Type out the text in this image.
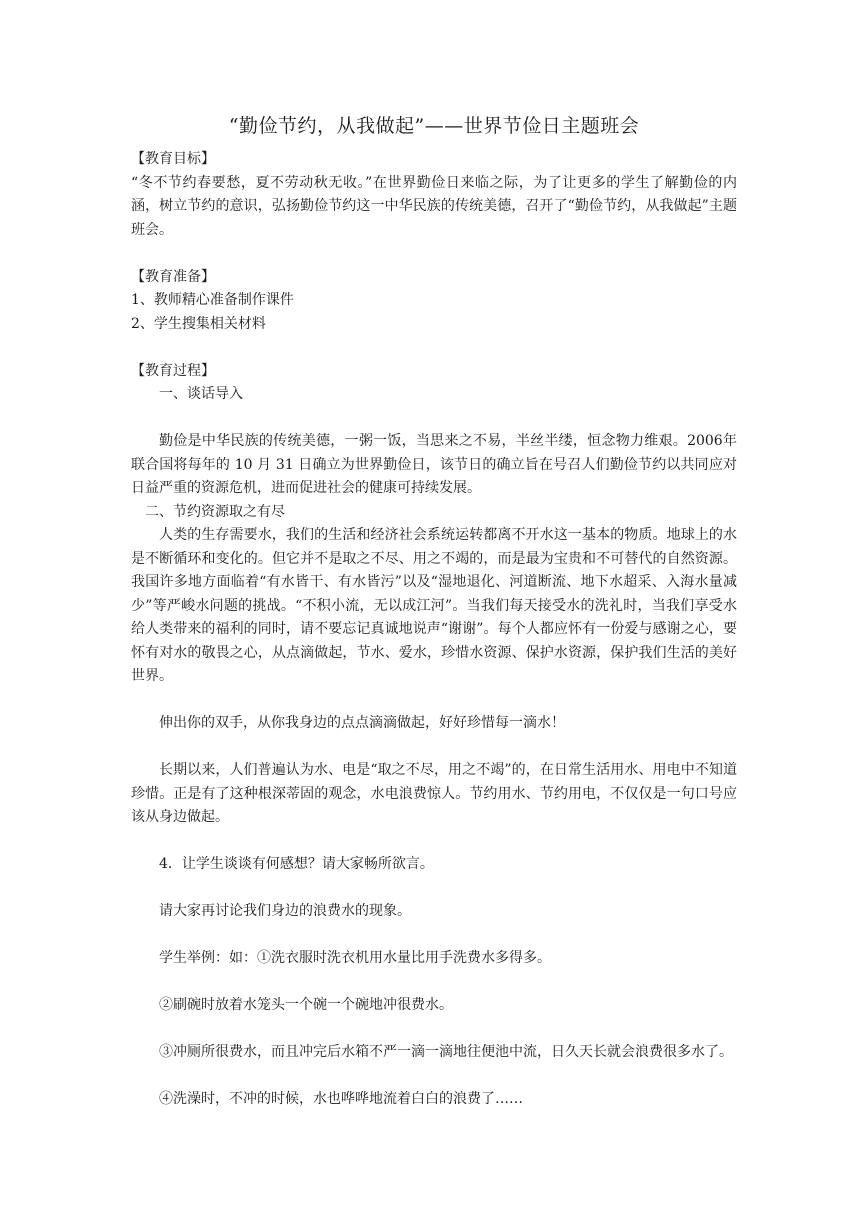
“勤俭节约，从我做起”——世界节俭日主题班会

【教育目标】

“冬不节约春要愁，夏不劳动秋无收。”在世界勤俭日来临之际，为了让更多的学生了解勤俭的内涵，树立节约的意识，弘扬勤俭节约这一中华民族的传统美德，召开了“勤俭节约，从我做起”主题班会。

【教育准备】

1、教师精心准备制作课件

2、学生搜集相关材料

【教育过程】

一、谈话导入

勤俭是中华民族的传统美德，一粥一饭，当思来之不易，半丝半缕，恒念物力维艰。2006年联合国将每年的 10 月 31 日确立为世界勤俭日，该节日的确立旨在号召人们勤俭节约以共同应对日益严重的资源危机，进而促进社会的健康可持续发展。

二、节约资源取之有尽

人类的生存需要水，我们的生活和经济社会系统运转都离不开水这一基本的物质。地球上的水是不断循环和变化的。但它并不是取之不尽、用之不竭的，而是最为宝贵和不可替代的自然资源。我国许多地方面临着“有水皆干、有水皆污”以及“湿地退化、河道断流、地下水超采、入海水量减少”等严峻水问题的挑战。“不积小流，无以成江河”。当我们每天接受水的洗礼时，当我们享受水给人类带来的福利的同时，请不要忘记真诚地说声“谢谢”。每个人都应怀有一份爱与感谢之心，要怀有对水的敬畏之心，从点滴做起，节水、爱水，珍惜水资源、保护水资源，保护我们生活的美好世界。

伸出你的双手，从你我身边的点点滴滴做起，好好珍惜每一滴水！

长期以来，人们普遍认为水、电是“取之不尽，用之不竭”的，在日常生活用水、用电中不知道珍惜。正是有了这种根深蒂固的观念，水电浪费惊人。节约用水、节约用电，不仅仅是一句口号应该从身边做起。

4．让学生谈谈有何感想？请大家畅所欲言。

请大家再讨论我们身边的浪费水的现象。

学生举例：如：①洗衣服时洗衣机用水量比用手洗费水多得多。

②刷碗时放着水笼头一个碗一个碗地冲很费水。

③冲厕所很费水，而且冲完后水箱不严一滴一滴地往便池中流，日久天长就会浪费很多水了。

④洗澡时，不冲的时候，水也哗哗地流着白白的浪费了……
